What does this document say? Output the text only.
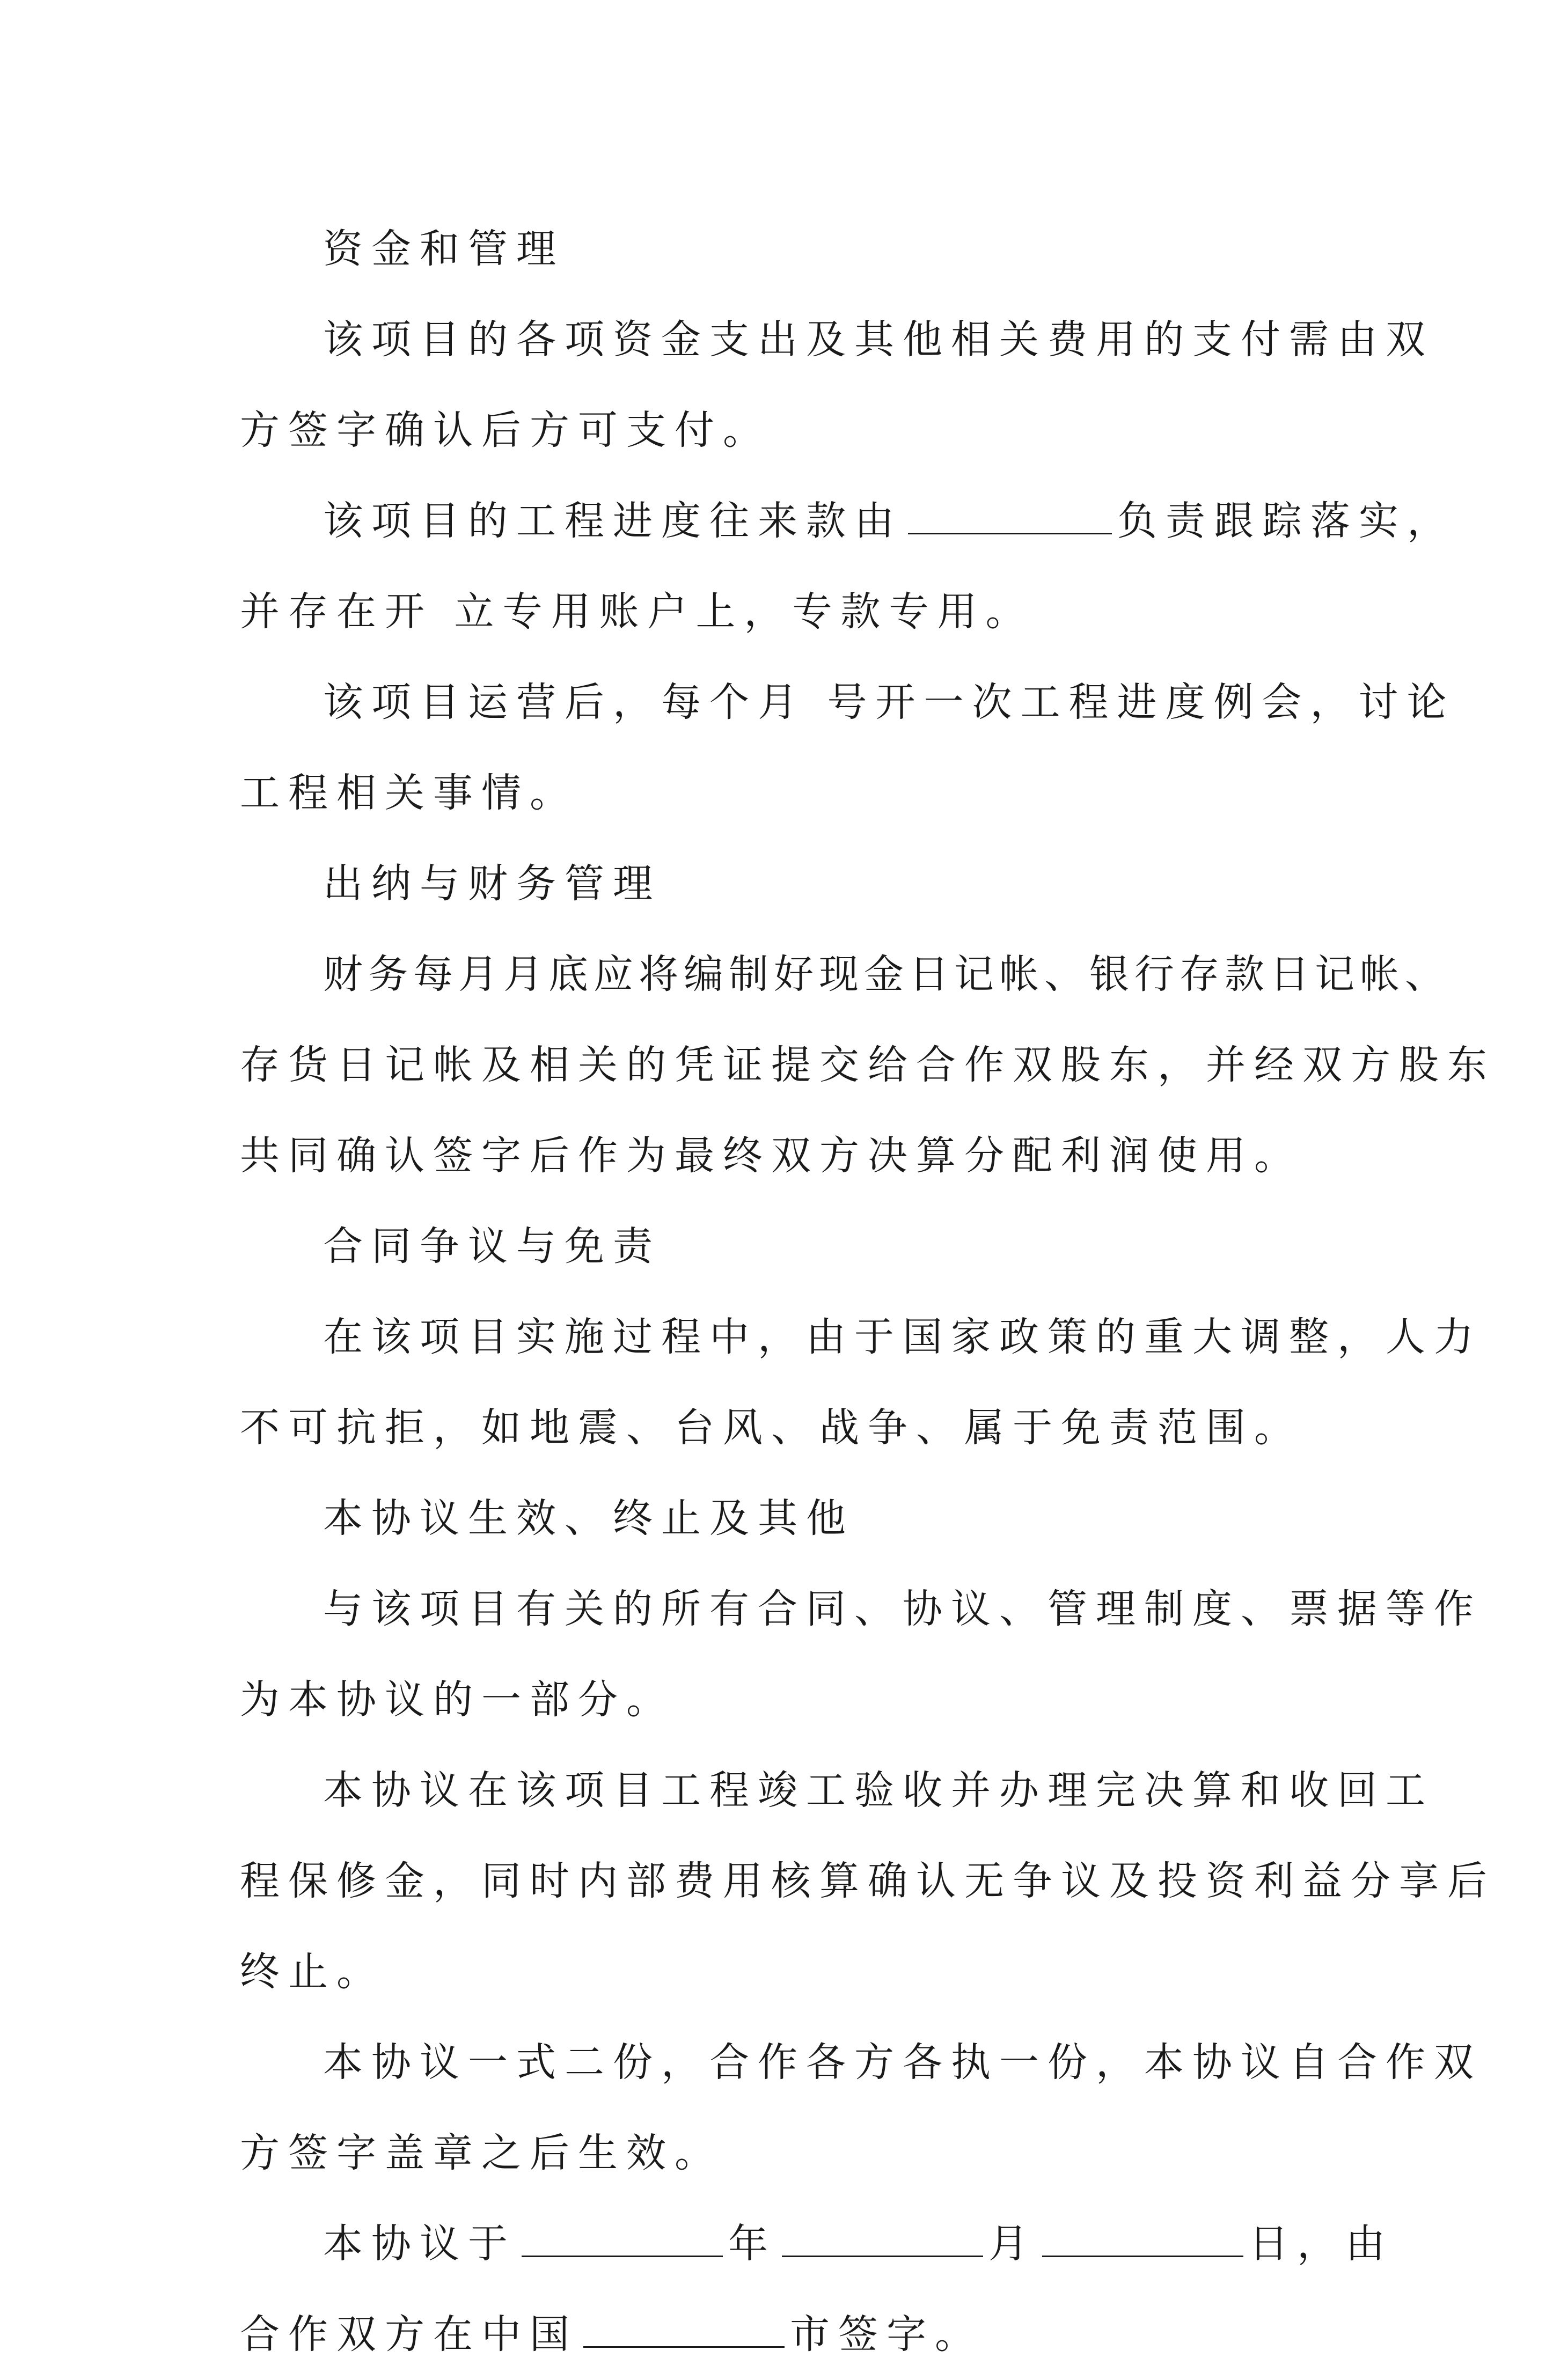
资金和管理
该项目的各项资金支出及其他相关费用的支付需由双
方签字确认后方可支付。
该项目的工程进度往来款由	负责跟踪落实，
并存在开 立专用账户上，专款专用。
该项目运营后，每个月 号开一次工程进度例会，讨论
工程相关事情。
出纳与财务管理
财务每月月底应将编制好现金日记帐、银行存款日记帐、
存货日记帐及相关的凭证提交给合作双股东，并经双方股东
共同确认签字后作为最终双方决算分配利润使用。
合同争议与免责
在该项目实施过程中，由于国家政策的重大调整，人力
不可抗拒，如地震、台风、战争、属于免责范围。
本协议生效、终止及其他
与该项目有关的所有合同、协议、管理制度、票据等作
为本协议的一部分。
本协议在该项目工程竣工验收并办理完决算和收回工
程保修金，同时内部费用核算确认无争议及投资利益分享后
终止。
本协议一式二份，合作各方各执一份，本协议自合作双
方签字盖章之后生效。
本协议于	年	月	日，由
合作双方在中国	市签字。
